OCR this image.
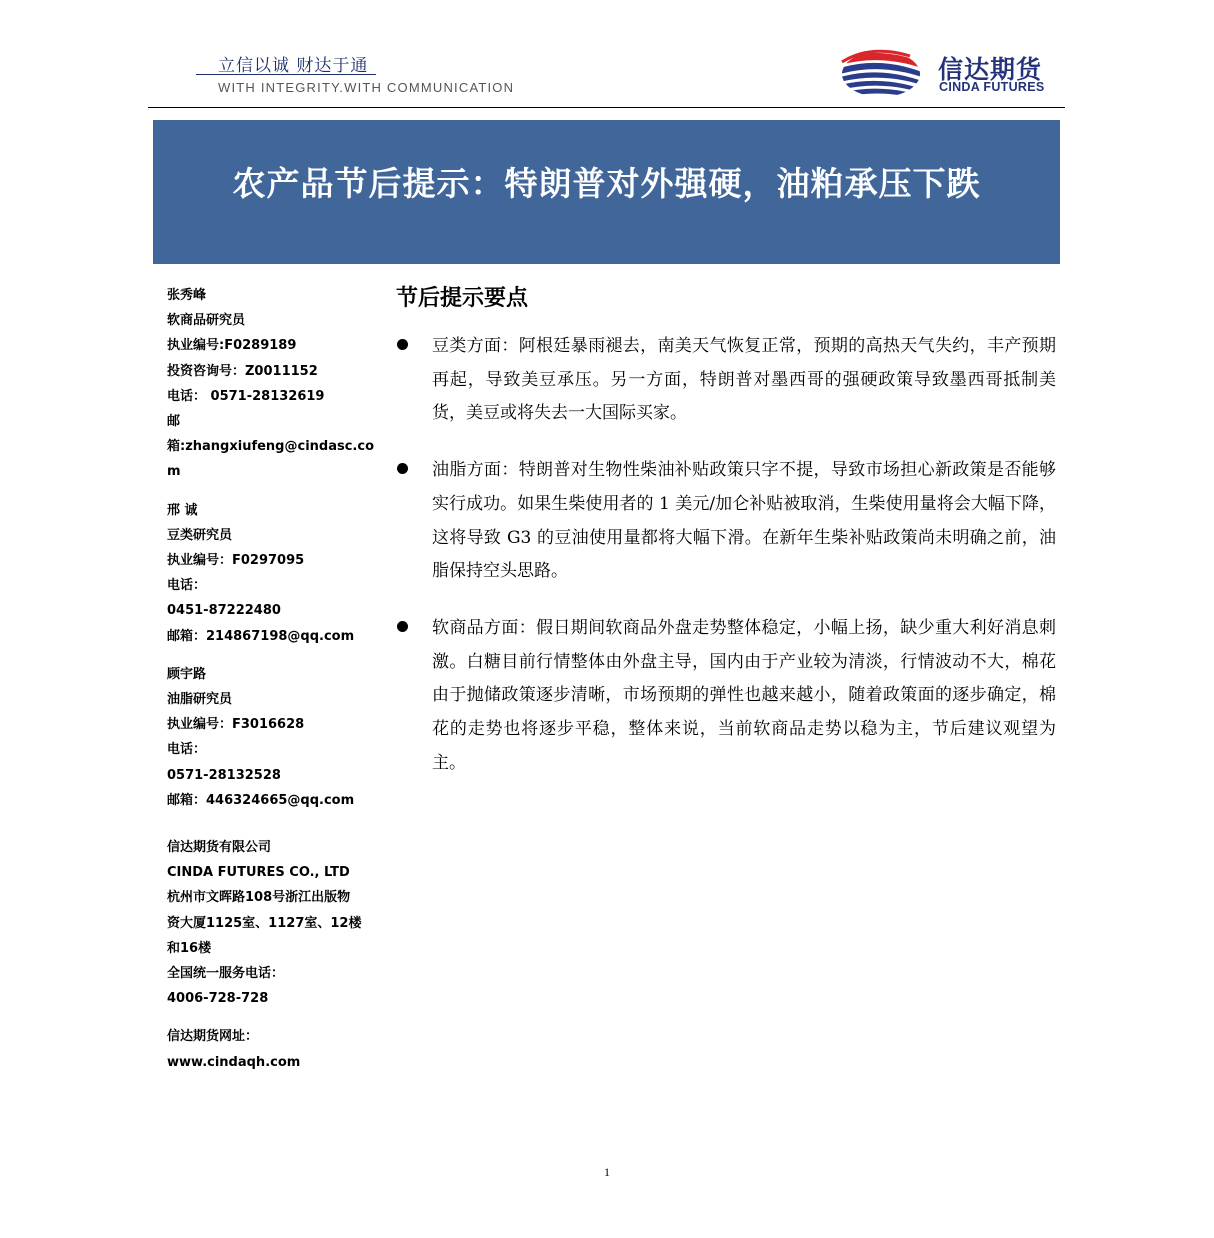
立信以诚 财达于通
WITH INTEGRITY.WITH COMMUNICATION
信达期货
CINDA FUTURES
农产品节后提示：特朗普对外强硬，油粕承压下跌
张秀峰
软商品研究员
执业编号:F0289189
投资咨询号：Z0011152
电话： 0571-28132619
邮
箱:zhangxiufeng@cindasc.co
m
邢 诚
豆类研究员
执业编号：F0297095
电话：
0451-87222480
邮箱：214867198@qq.com
顾宇路
油脂研究员
执业编号：F3016628
电话：
0571-28132528
邮箱：446324665@qq.com
信达期货有限公司
CINDA FUTURES CO., LTD
杭州市文晖路108号浙江出版物
资大厦1125室、1127室、12楼
和16楼
全国统一服务电话：
4006-728-728
信达期货网址：
www.cindaqh.com
节后提示要点

豆类方面：阿根廷暴雨褪去，南美天气恢复正常，预期的高热天气失约，丰产预期再起，导致美豆承压。另一方面，特朗普对墨西哥的强硬政策导致墨西哥抵制美货，美豆或将失去一大国际买家。

油脂方面：特朗普对生物性柴油补贴政策只字不提，导致市场担心新政策是否能够实行成功。如果生柴使用者的 1 美元/加仑补贴被取消，生柴使用量将会大幅下降，这将导致 G3 的豆油使用量都将大幅下滑。在新年生柴补贴政策尚未明确之前，油脂保持空头思路。

软商品方面：假日期间软商品外盘走势整体稳定，小幅上扬，缺少重大利好消息刺激。白糖目前行情整体由外盘主导，国内由于产业较为清淡，行情波动不大，棉花由于抛储政策逐步清晰，市场预期的弹性也越来越小，随着政策面的逐步确定，棉花的走势也将逐步平稳，整体来说，当前软商品走势以稳为主，节后建议观望为主。

1
